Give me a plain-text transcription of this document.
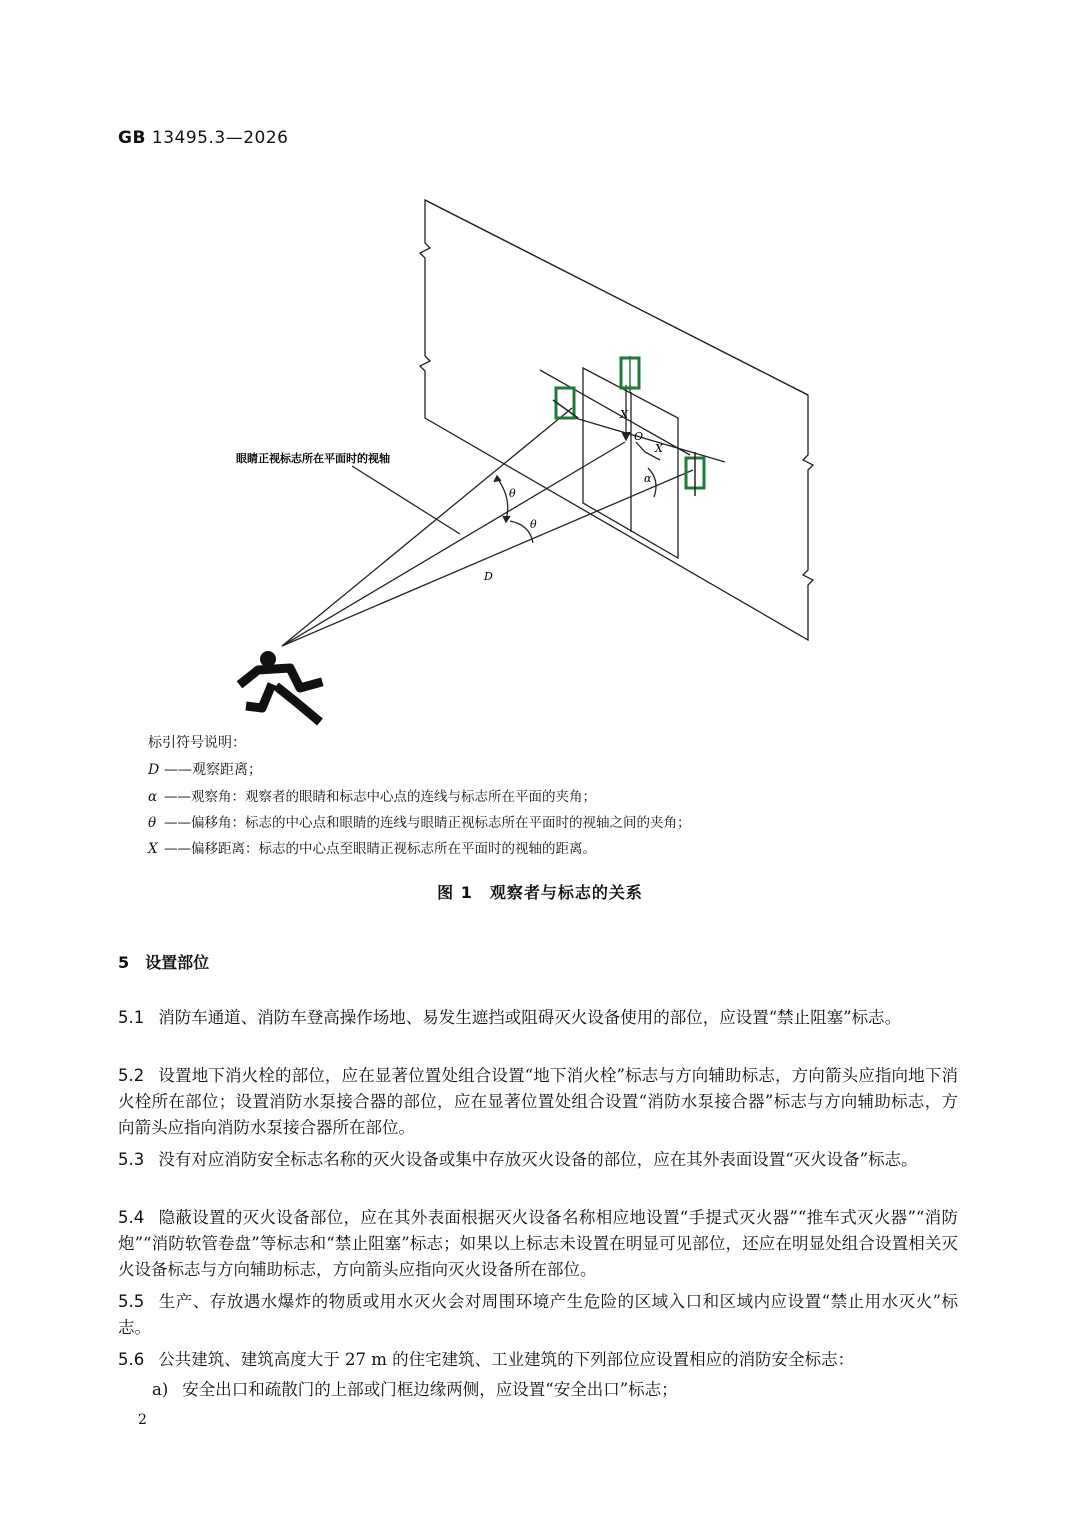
GB 13495.3—2026
眼睛正视标志所在平面时的视轴
X
O
X
α
θ
θ
D
标引符号说明：
D ——观察距离；
α ——观察角：观察者的眼睛和标志中心点的连线与标志所在平面的夹角；
θ ——偏移角：标志的中心点和眼睛的连线与眼睛正视标志所在平面时的视轴之间的夹角；
X ——偏移距离：标志的中心点至眼睛正视标志所在平面时的视轴的距离。
图 1　观察者与标志的关系
5 设置部位
5.1 消防车通道、消防车登高操作场地、易发生遮挡或阻碍灭火设备使用的部位，应设置“禁止阻塞”标志。
5.2 设置地下消火栓的部位，应在显著位置处组合设置“地下消火栓”标志与方向辅助标志，方向箭头应指向地下消火栓所在部位；设置消防水泵接合器的部位，应在显著位置处组合设置“消防水泵接合器”标志与方向辅助标志，方向箭头应指向消防水泵接合器所在部位。
5.3 没有对应消防安全标志名称的灭火设备或集中存放灭火设备的部位，应在其外表面设置“灭火设备”标志。
5.4 隐蔽设置的灭火设备部位，应在其外表面根据灭火设备名称相应地设置“手提式灭火器”“推车式灭火器”“消防炮”“消防软管卷盘”等标志和“禁止阻塞”标志；如果以上标志未设置在明显可见部位，还应在明显处组合设置相关灭火设备标志与方向辅助标志，方向箭头应指向灭火设备所在部位。
5.5 生产、存放遇水爆炸的物质或用水灭火会对周围环境产生危险的区域入口和区域内应设置“禁止用水灭火”标志。
5.6 公共建筑、建筑高度大于 27 m 的住宅建筑、工业建筑的下列部位应设置相应的消防安全标志：
a) 安全出口和疏散门的上部或门框边缘两侧，应设置“安全出口”标志；
2
